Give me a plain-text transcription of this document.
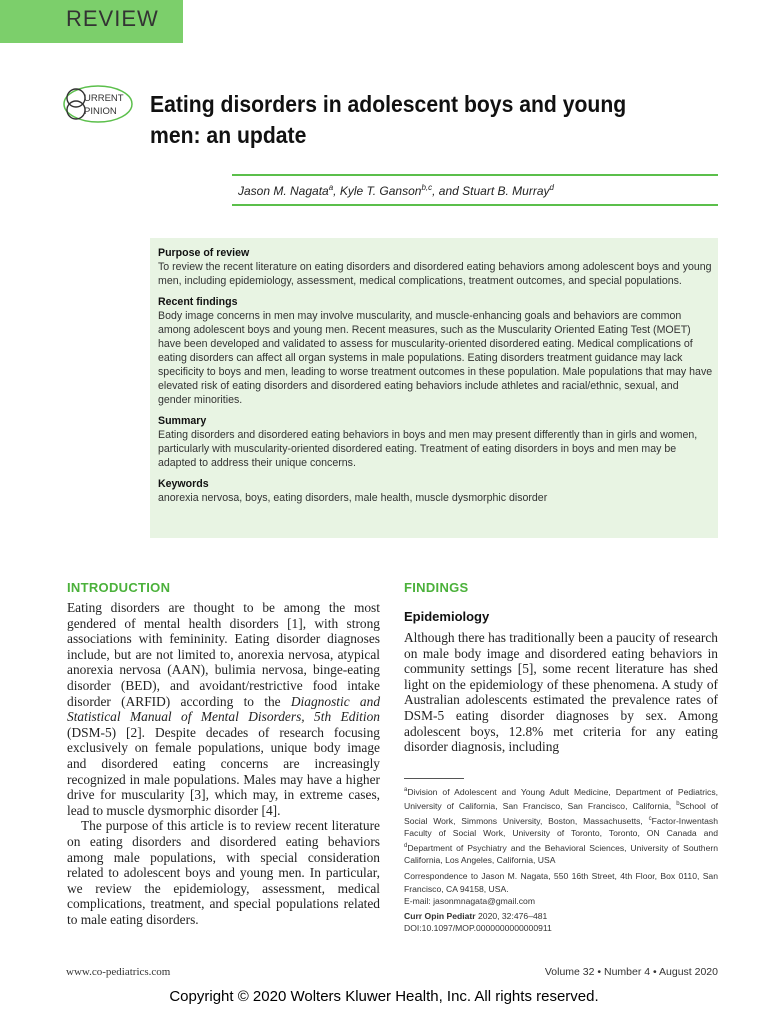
REVIEW
URRENT
PINION Eating disorders in adolescent boys and young men: an update
Jason M. Nagata$^a$, Kyle T. Ganson$^{b,c}$, and Stuart B. Murray$^d$
Purpose of review

To review the recent literature on eating disorders and disordered eating behaviors among adolescent boys and young men, including epidemiology, assessment, medical complications, treatment outcomes, and special populations.

Recent findings

Body image concerns in men may involve muscularity, and muscle-enhancing goals and behaviors are common among adolescent boys and young men. Recent measures, such as the Muscularity Oriented Eating Test (MOET) have been developed and validated to assess for muscularity-oriented disordered eating. Medical complications of eating disorders can affect all organ systems in male populations. Eating disorders treatment guidance may lack specificity to boys and men, leading to worse treatment outcomes in these population. Male populations that may have elevated risk of eating disorders and disordered eating behaviors include athletes and racial/ethnic, sexual, and gender minorities.

Summary

Eating disorders and disordered eating behaviors in boys and men may present differently than in girls and women, particularly with muscularity-oriented disordered eating. Treatment of eating disorders in boys and men may be adapted to address their unique concerns.

Keywords

anorexia nervosa, boys, eating disorders, male health, muscle dysmorphic disorder

INTRODUCTION

Eating disorders are thought to be among the most gendered of mental health disorders [1], with strong associations with femininity. Eating disorder diagnoses include, but are not limited to, anorexia nervosa, atypical anorexia nervosa (AAN), bulimia nervosa, binge-eating disorder (BED), and avoidant/restrictive food intake disorder (ARFID) according to the Diagnostic and Statistical Manual of Mental Disorders, 5th Edition (DSM-5) [2]. Despite decades of research focusing exclusively on female populations, unique body image and disordered eating concerns are increasingly recognized in male populations. Males may have a higher drive for muscularity [3], which may, in extreme cases, lead to muscle dysmorphic disorder [4].

The purpose of this article is to review recent literature on eating disorders and disordered eating behaviors among male populations, with special consideration related to adolescent boys and young men. In particular, we review the epidemiology, assessment, medical complications, treatment, and special populations related to male eating disorders.

FINDINGS
Epidemiology

Although there has traditionally been a paucity of research on male body image and disordered eating behaviors in community settings [5], some recent literature has shed light on the epidemiology of these phenomena. A study of Australian adolescents estimated the prevalence rates of DSM-5 eating disorder diagnoses by sex. Among adolescent boys, 12.8% met criteria for any eating disorder diagnosis, including

$^a$Division of Adolescent and Young Adult Medicine, Department of Pediatrics, University of California, San Francisco, San Francisco, California, $^b$School of Social Work, Simmons University, Boston, Massachusetts, $^c$Factor-Inwentash Faculty of Social Work, University of Toronto, Toronto, ON Canada and $^d$Department of Psychiatry and the Behavioral Sciences, University of Southern California, Los Angeles, California, USA

Correspondence to Jason M. Nagata, 550 16th Street, 4th Floor, Box 0110, San Francisco, CA 94158, USA.

E-mail: jasonmnagata@gmail.com

Curr Opin Pediatr 2020, 32:476–481

DOI:10.1097/MOP.0000000000000911

www.co-pediatrics.com	Volume 32 • Number 4 • August 2020
Copyright © 2020 Wolters Kluwer Health, Inc. All rights reserved.
